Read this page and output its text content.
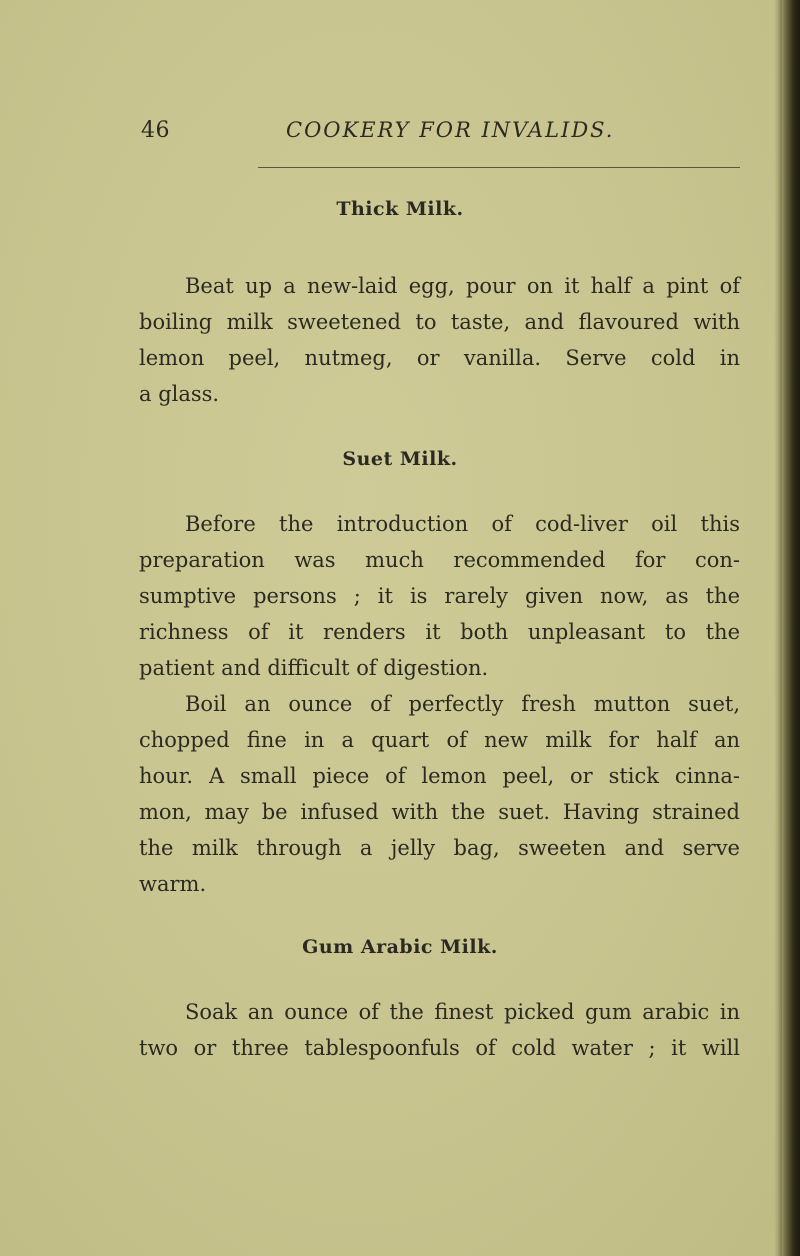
46	COOKERY FOR INVALIDS.
Thick Milk.
Beat up a new-laid egg, pour on it half a pint of
boiling milk sweetened to taste, and flavoured with
lemon peel, nutmeg, or vanilla. Serve cold in
a glass.
Suet Milk.
Before the introduction of cod-liver oil this
preparation was much recommended for con-
sumptive persons ; it is rarely given now, as the
richness of it renders it both unpleasant to the
patient and difficult of digestion.
Boil an ounce of perfectly fresh mutton suet,
chopped fine in a quart of new milk for half an
hour. A small piece of lemon peel, or stick cinna-
mon, may be infused with the suet. Having strained
the milk through a jelly bag, sweeten and serve
warm.
Gum Arabic Milk.
Soak an ounce of the finest picked gum arabic in
two or three tablespoonfuls of cold water ; it will
